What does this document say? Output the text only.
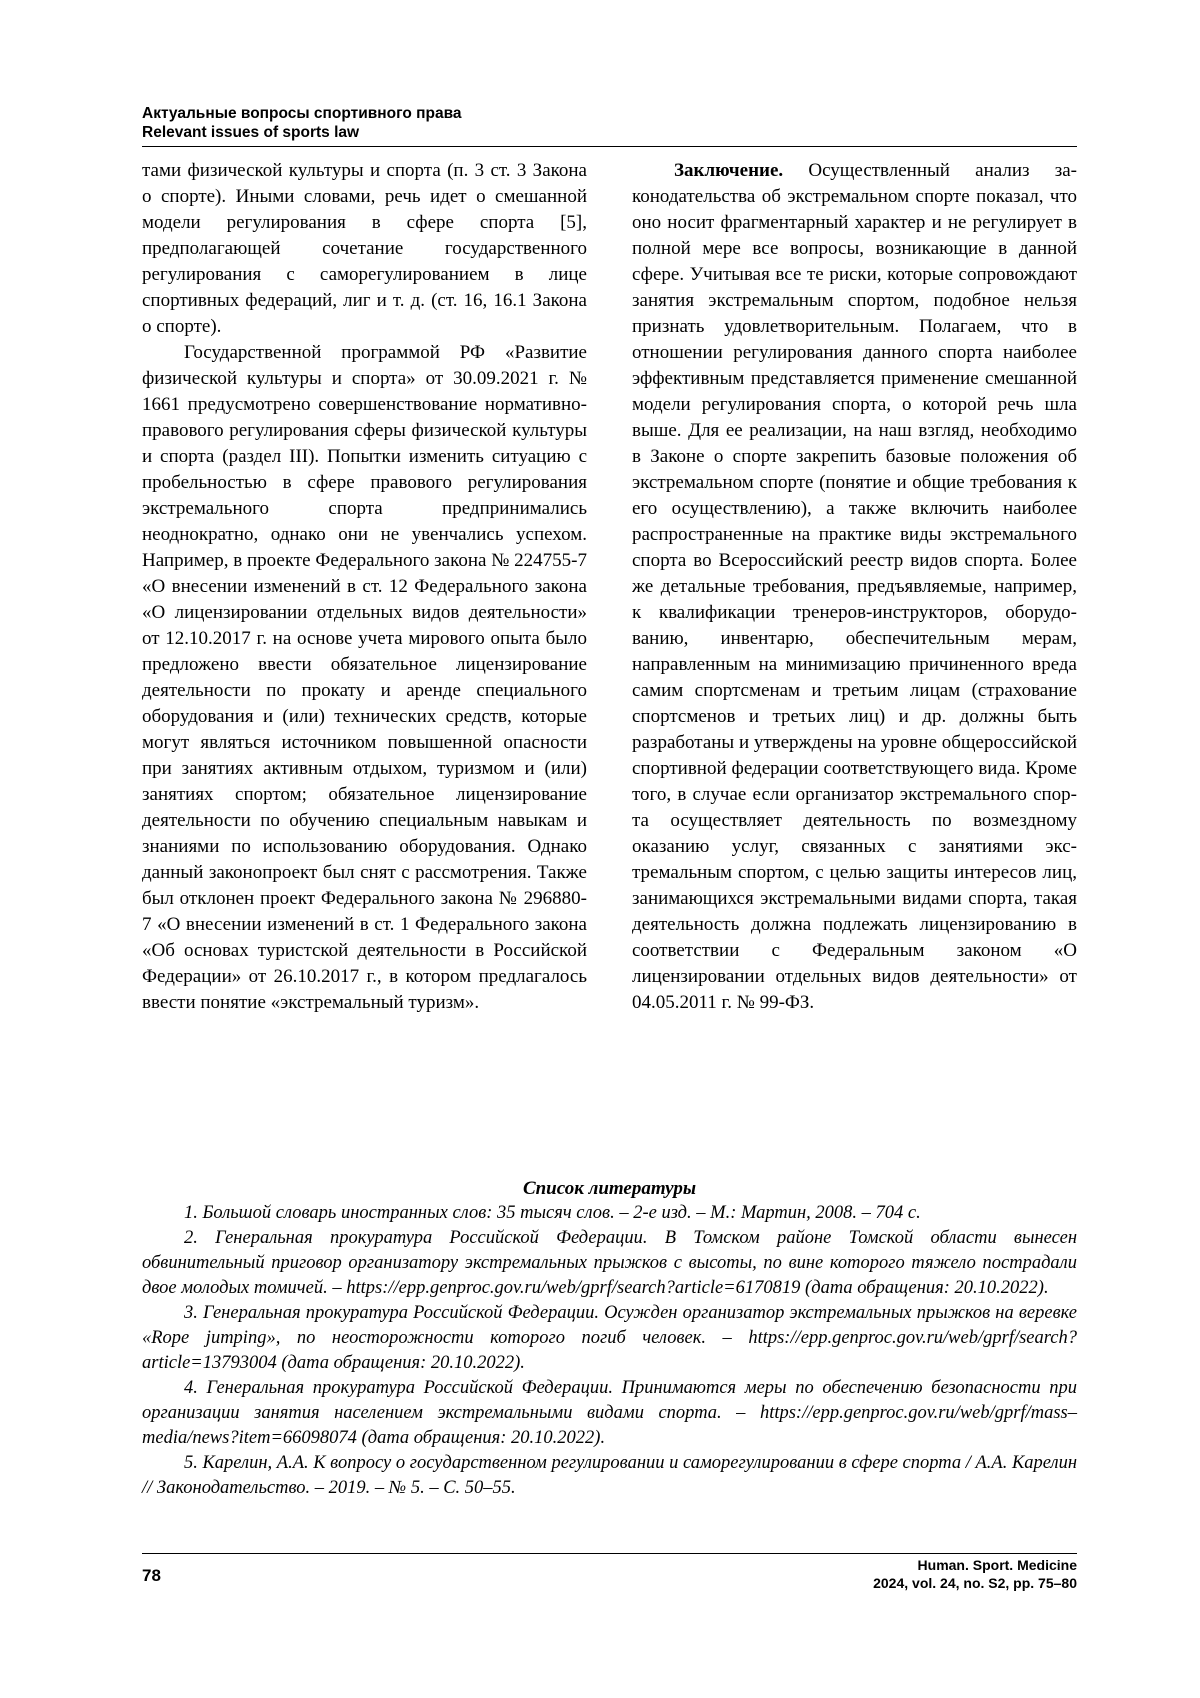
Актуальные вопросы спортивного права
Relevant issues of sports law

тами физической культуры и спорта (п. 3 ст. 3 Закона о спорте). Иными словами, речь идет о смешанной модели регулирования в сфере спорта [5], предполагающей сочетание государственного регулирования с саморегулированием в лице спортивных федераций, лиг и т. д. (ст. 16, 16.1 Закона о спорте).

Государственной программой РФ «Развитие физической культуры и спорта» от 30.09.2021 г. № 1661 предусмотрено совершенствование нормативно-правового регулирования сферы физической культуры и спорта (раздел III). Попытки изменить ситуацию с пробельностью в сфере правового регулирования экстремального спорта предпринимались неоднократно, однако они не увенчались успехом. Например, в проекте Федерального закона № 224755-7 «О внесении изменений в ст. 12 Федерального закона «О лицензировании отдельных видов деятельности» от 12.10.2017 г. на основе учета мирового опыта было предложено ввести обязательное лицензирование деятельности по прокату и аренде специального оборудования и (или) технических средств, которые могут являться источником повышенной опасности при занятиях активным отдыхом, туризмом и (или) занятиях спортом; обязательное лицензирование деятельности по обучению специальным навыкам и знаниями по использованию оборудования. Однако данный законопроект был снят с рассмотрения. Также был отклонен проект Федерального закона № 296880-7 «О внесении изменений в ст. 1 Федерального закона «Об основах туристской деятельности в Российской Федерации» от 26.10.2017 г., в котором предлагалось ввести понятие «экстремальный туризм».

Заключение. Осуществленный анализ законодательства об экстремальном спорте показал, что оно носит фрагментарный характер и не регулирует в полной мере все вопросы, возникающие в данной сфере. Учитывая все те риски, которые сопровождают занятия экстремальным спортом, подобное нельзя признать удовлетворительным. Полагаем, что в отношении регулирования данного спорта наиболее эффективным представляется применение смешанной модели регулирования спорта, о которой речь шла выше. Для ее реализации, на наш взгляд, необходимо в Законе о спорте закрепить базовые положения об экстремальном спорте (понятие и общие требования к его осуществлению), а также включить наиболее распространенные на практике виды экстремального спорта во Всероссийский реестр видов спорта. Более же детальные требования, предъявляемые, например, к квалификации тренеров-инструкторов, оборудованию, инвентарю, обеспечительным мерам, направленным на минимизацию причиненного вреда самим спортсменам и третьим лицам (страхование спортсменов и третьих лиц) и др. должны быть разработаны и утверждены на уровне общероссийской спортивной федерации соответствующего вида. Кроме того, в случае если организатор экстремального спорта осуществляет деятельность по возмездному оказанию услуг, связанных с занятиями экстремальным спортом, с целью защиты интересов лиц, занимающихся экстремальными видами спорта, такая деятельность должна подлежать лицензированию в соответствии с Федеральным законом «О лицензировании отдельных видов деятельности» от 04.05.2011 г. № 99-ФЗ.

Список литературы

1. Большой словарь иностранных слов: 35 тысяч слов. – 2-е изд. – М.: Мартин, 2008. – 704 с.

2. Генеральная прокуратура Российской Федерации. В Томском районе Томской области вынесен обвинительный приговор организатору экстремальных прыжков с высоты, по вине которого тяжело пострадали двое молодых томичей. – https://epp.genproc.gov.ru/web/gprf/search?article=6170819 (дата обращения: 20.10.2022).

3. Генеральная прокуратура Российской Федерации. Осужден организатор экстремальных прыжков на веревке «Rope jumping», по неосторожности которого погиб человек. – https://epp.genproc.gov.ru/web/gprf/search?article=13793004 (дата обращения: 20.10.2022).

4. Генеральная прокуратура Российской Федерации. Принимаются меры по обеспечению безопасности при организации занятия населением экстремальными видами спорта. – https://epp.genproc.gov.ru/web/gprf/mass–media/news?item=66098074 (дата обращения: 20.10.2022).

5. Карелин, А.А. К вопросу о государственном регулировании и саморегулировании в сфере спорта / А.А. Карелин // Законодательство. – 2019. – № 5. – С. 50–55.

78
Human. Sport. Medicine
2024, vol. 24, no. S2, pp. 75–80
